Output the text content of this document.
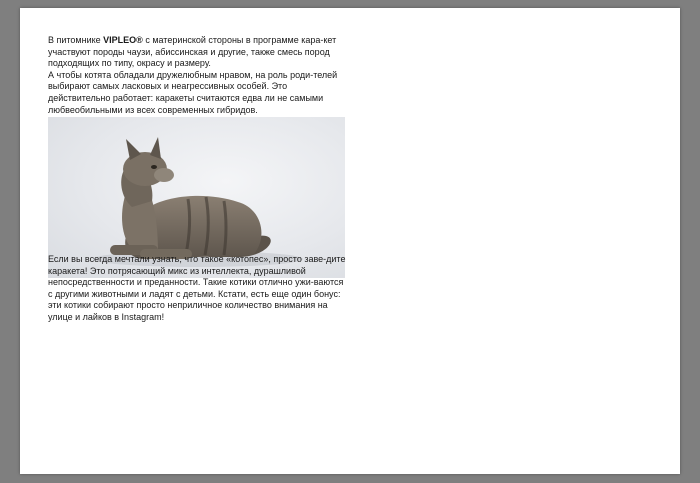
В питомнике VIPLEO® с материнской стороны в программе кара-кет участвуют породы чаузи, абиссинская и другие, также смесь пород подходящих по типу, окрасу и размеру.

А чтобы котята обладали дружелюбным нравом, на роль роди-телей выбирают самых ласковых и неагрессивных особей. Это действительно работает: каракеты считаются едва ли не самыми любвеобильными из всех современных гибридов.

Если вы всегда мечтали узнать, что такое «котопес», просто заве-дите каракета! Это потрясающий микс из интеллекта, дурашливой непосредственности и преданности. Такие котики отлично ужи-ваются с другими животными и ладят с детьми. Кстати, есть еще один бонус: эти котики собирают просто неприличное количество внимания на улице и лайков в Instagram!
